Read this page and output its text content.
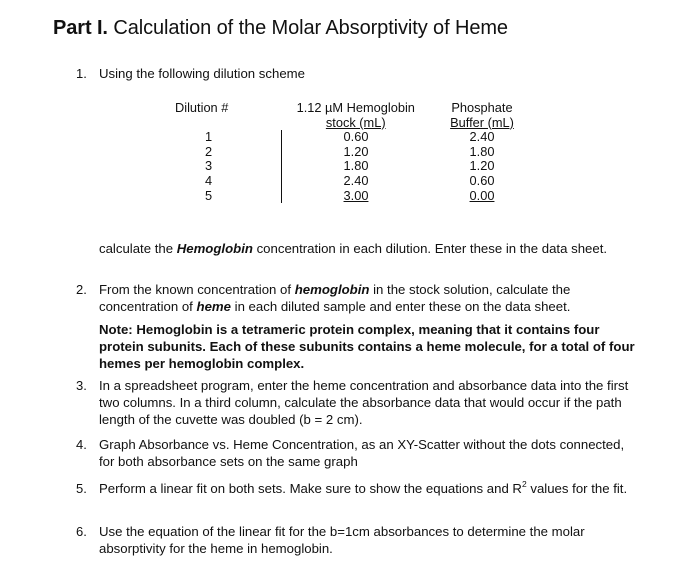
Part I. Calculation of the Molar Absorptivity of Heme
1. Using the following dilution scheme
Dilution #	1.12 µM Hemoglobin	Phosphate
	stock (mL)	Buffer (mL)
1	0.60	2.40
2	1.20	1.80
3	1.80	1.20
4	2.40	0.60
5	3.00	0.00
calculate the Hemoglobin concentration in each dilution. Enter these in the data sheet.
2. From the known concentration of hemoglobin in the stock solution, calculate the concentration of heme in each diluted sample and enter these on the data sheet.
Note: Hemoglobin is a tetrameric protein complex, meaning that it contains four protein subunits. Each of these subunits contains a heme molecule, for a total of four hemes per hemoglobin complex.
3. In a spreadsheet program, enter the heme concentration and absorbance data into the first two columns. In a third column, calculate the absorbance data that would occur if the path length of the cuvette was doubled (b = 2 cm).
4. Graph Absorbance vs. Heme Concentration, as an XY-Scatter without the dots connected, for both absorbance sets on the same graph
5. Perform a linear fit on both sets. Make sure to show the equations and $R^2$ values for the fit.
6. Use the equation of the linear fit for the b=1cm absorbances to determine the molar absorptivity for the heme in hemoglobin.
